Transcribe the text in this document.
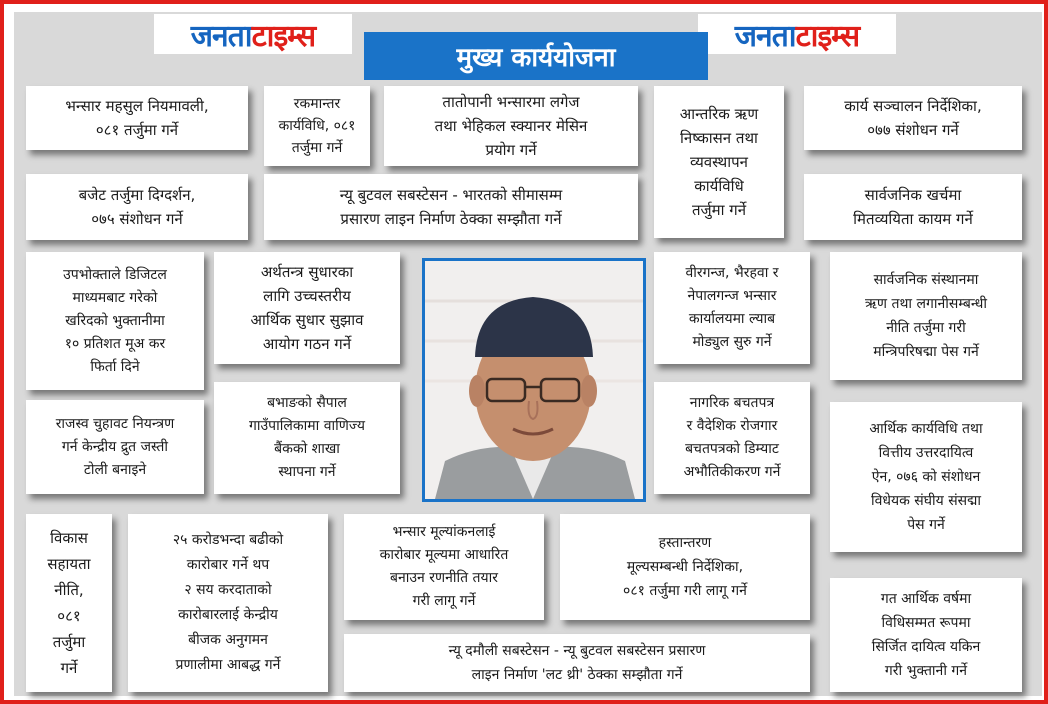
जनता टाइम्स	जनता टाइम्स
मुख्य कार्ययोजना
भन्सार महसुल नियमावली,
०८१ तर्जुमा गर्ने
रकमान्तर
कार्यविधि, ०८१
तर्जुमा गर्ने
तातोपानी भन्सारमा लगेज
तथा भेहिकल स्क्यानर मेसिन
प्रयोग गर्ने
आन्तरिक ऋण
निष्कासन तथा
व्यवस्थापन
कार्यविधि
तर्जुमा गर्ने
कार्य सञ्चालन निर्देशिका,
०७७ संशोधन गर्ने
बजेट तर्जुमा दिग्दर्शन,
०७५ संशोधन गर्ने
न्यू बुटवल सबस्टेसन - भारतको सीमासम्म
प्रसारण लाइन निर्माण ठेक्का सम्झौता गर्ने
सार्वजनिक खर्चमा
मितव्ययिता कायम गर्ने
उपभोक्ताले डिजिटल
माध्यमबाट गरेको
खरिदको भुक्तानीमा
१० प्रतिशत मूअ कर
फिर्ता दिने
अर्थतन्त्र सुधारका
लागि उच्चस्तरीय
आर्थिक सुधार सुझाव
आयोग गठन गर्ने
वीरगन्ज, भैरहवा र
नेपालगन्ज भन्सार
कार्यालयमा ल्याब
मोड्युल सुरु गर्ने
सार्वजनिक संस्थानमा
ऋण तथा लगानीसम्बन्धी
नीति तर्जुमा गरी
मन्त्रिपरिषद्मा पेस गर्ने
बभाङको सैपाल
गाउँपालिकामा वाणिज्य
बैंकको शाखा
स्थापना गर्ने
राजस्व चुहावट नियन्त्रण
गर्न केन्द्रीय द्रुत जस्ती
टोली बनाइने
नागरिक बचतपत्र
र वैदेशिक रोजगार
बचतपत्रको डिम्याट
अभौतिकीकरण गर्ने
आर्थिक कार्यविधि तथा
वित्तीय उत्तरदायित्व
ऐन, ०७६ को संशोधन
विधेयक संघीय संसद्मा
पेस गर्ने
विकास
सहायता
नीति,
०८१
तर्जुमा
गर्ने
२५ करोडभन्दा बढीको
कारोबार गर्ने थप
२ सय करदाताको
कारोबारलाई केन्द्रीय
बीजक अनुगमन
प्रणालीमा आबद्ध गर्ने
भन्सार मूल्यांकनलाई
कारोबार मूल्यमा आधारित
बनाउन रणनीति तयार
गरी लागू गर्ने
हस्तान्तरण
मूल्यसम्बन्धी निर्देशिका,
०८१ तर्जुमा गरी लागू गर्ने	गत आर्थिक वर्षमा
विधिसम्मत रूपमा
सिर्जित दायित्व यकिन
गरी भुक्तानी गर्ने
न्यू दमौली सबस्टेसन - न्यू बुटवल सबस्टेसन प्रसारण
लाइन निर्माण 'लट थ्री' ठेक्का सम्झौता गर्ने
